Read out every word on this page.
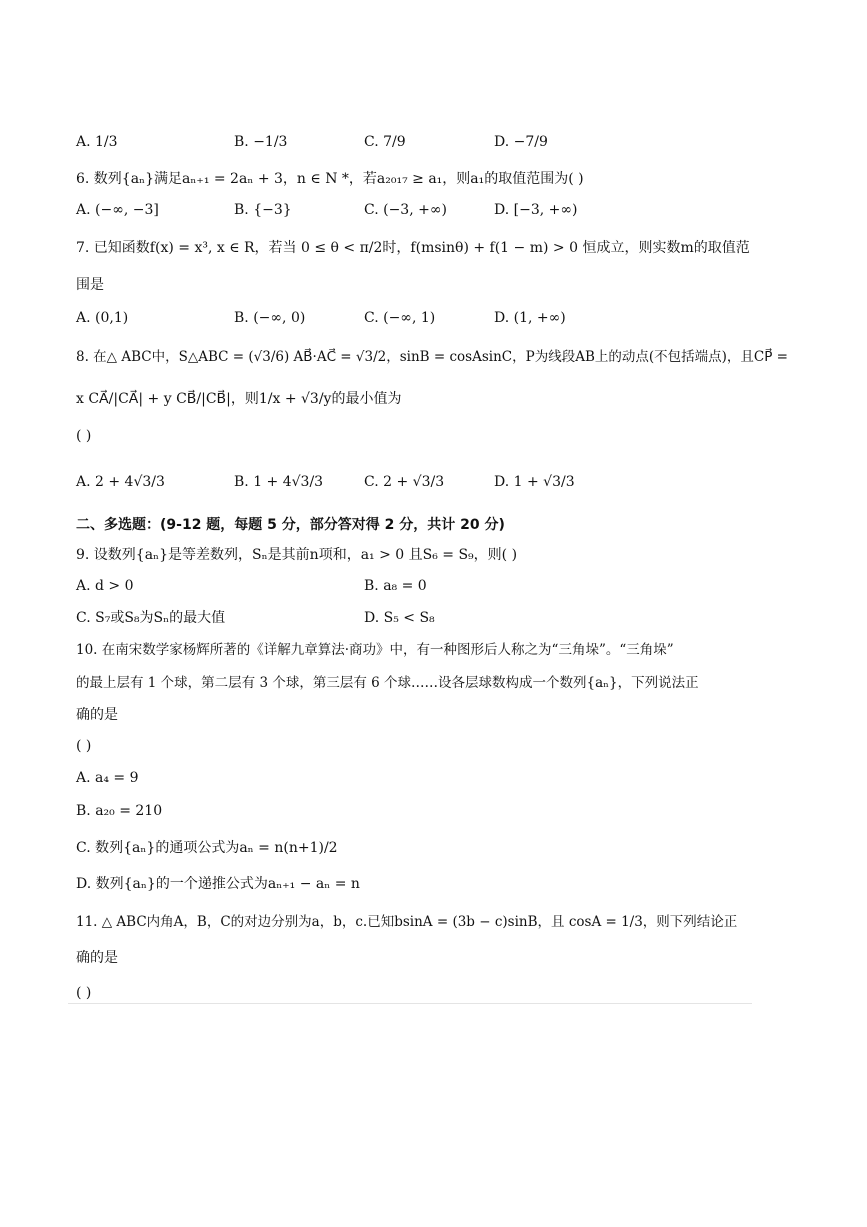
A. 1/3	B. −1/3	C. 7/9	D. −7/9
6. 数列{aₙ}满足aₙ₊₁ = 2aₙ + 3，n ∈ N *，若a₂₀₁₇ ≥ a₁，则a₁的取值范围为( )
A. (−∞, −3]	B. {−3}	C. (−3, +∞)	D. [−3, +∞)
7. 已知函数f(x) = x³, x ∈ R，若当 0 ≤ θ < π/2时，f(msinθ) + f(1 − m) > 0 恒成立，则实数m的取值范
围是
A. (0,1)	B. (−∞, 0)	C. (−∞, 1)	D. (1, +∞)
8. 在△ ABC中，S△ABC = (√3/6) AB⃗·AC⃗ = √3/2，sinB = cosAsinC，P为线段AB上的动点(不包括端点)，且CP⃗ =
x CA⃗/|CA⃗| + y CB⃗/|CB⃗|，则1/x + √3/y的最小值为
( )
A. 2 + 4√3/3	B. 1 + 4√3/3	C. 2 + √3/3	D. 1 + √3/3
二、多选题：(9-12 题，每题 5 分，部分答对得 2 分，共计 20 分)
9. 设数列{aₙ}是等差数列，Sₙ是其前n项和，a₁ > 0 且S₆ = S₉，则( )
A. d > 0	B. a₈ = 0
C. S₇或S₈为Sₙ的最大值	D. S₅ < S₈
10. 在南宋数学家杨辉所著的《详解九章算法·商功》中，有一种图形后人称之为“三角垛”。“三角垛”
的最上层有 1 个球，第二层有 3 个球，第三层有 6 个球……设各层球数构成一个数列{aₙ}，下列说法正
确的是
( )
A. a₄ = 9
B. a₂₀ = 210
C. 数列{aₙ}的通项公式为aₙ = n(n+1)/2
D. 数列{aₙ}的一个递推公式为aₙ₊₁ − aₙ = n
11. △ ABC内角A，B，C的对边分别为a，b，c.已知bsinA = (3b − c)sinB，且 cosA = 1/3，则下列结论正
确的是
( )
